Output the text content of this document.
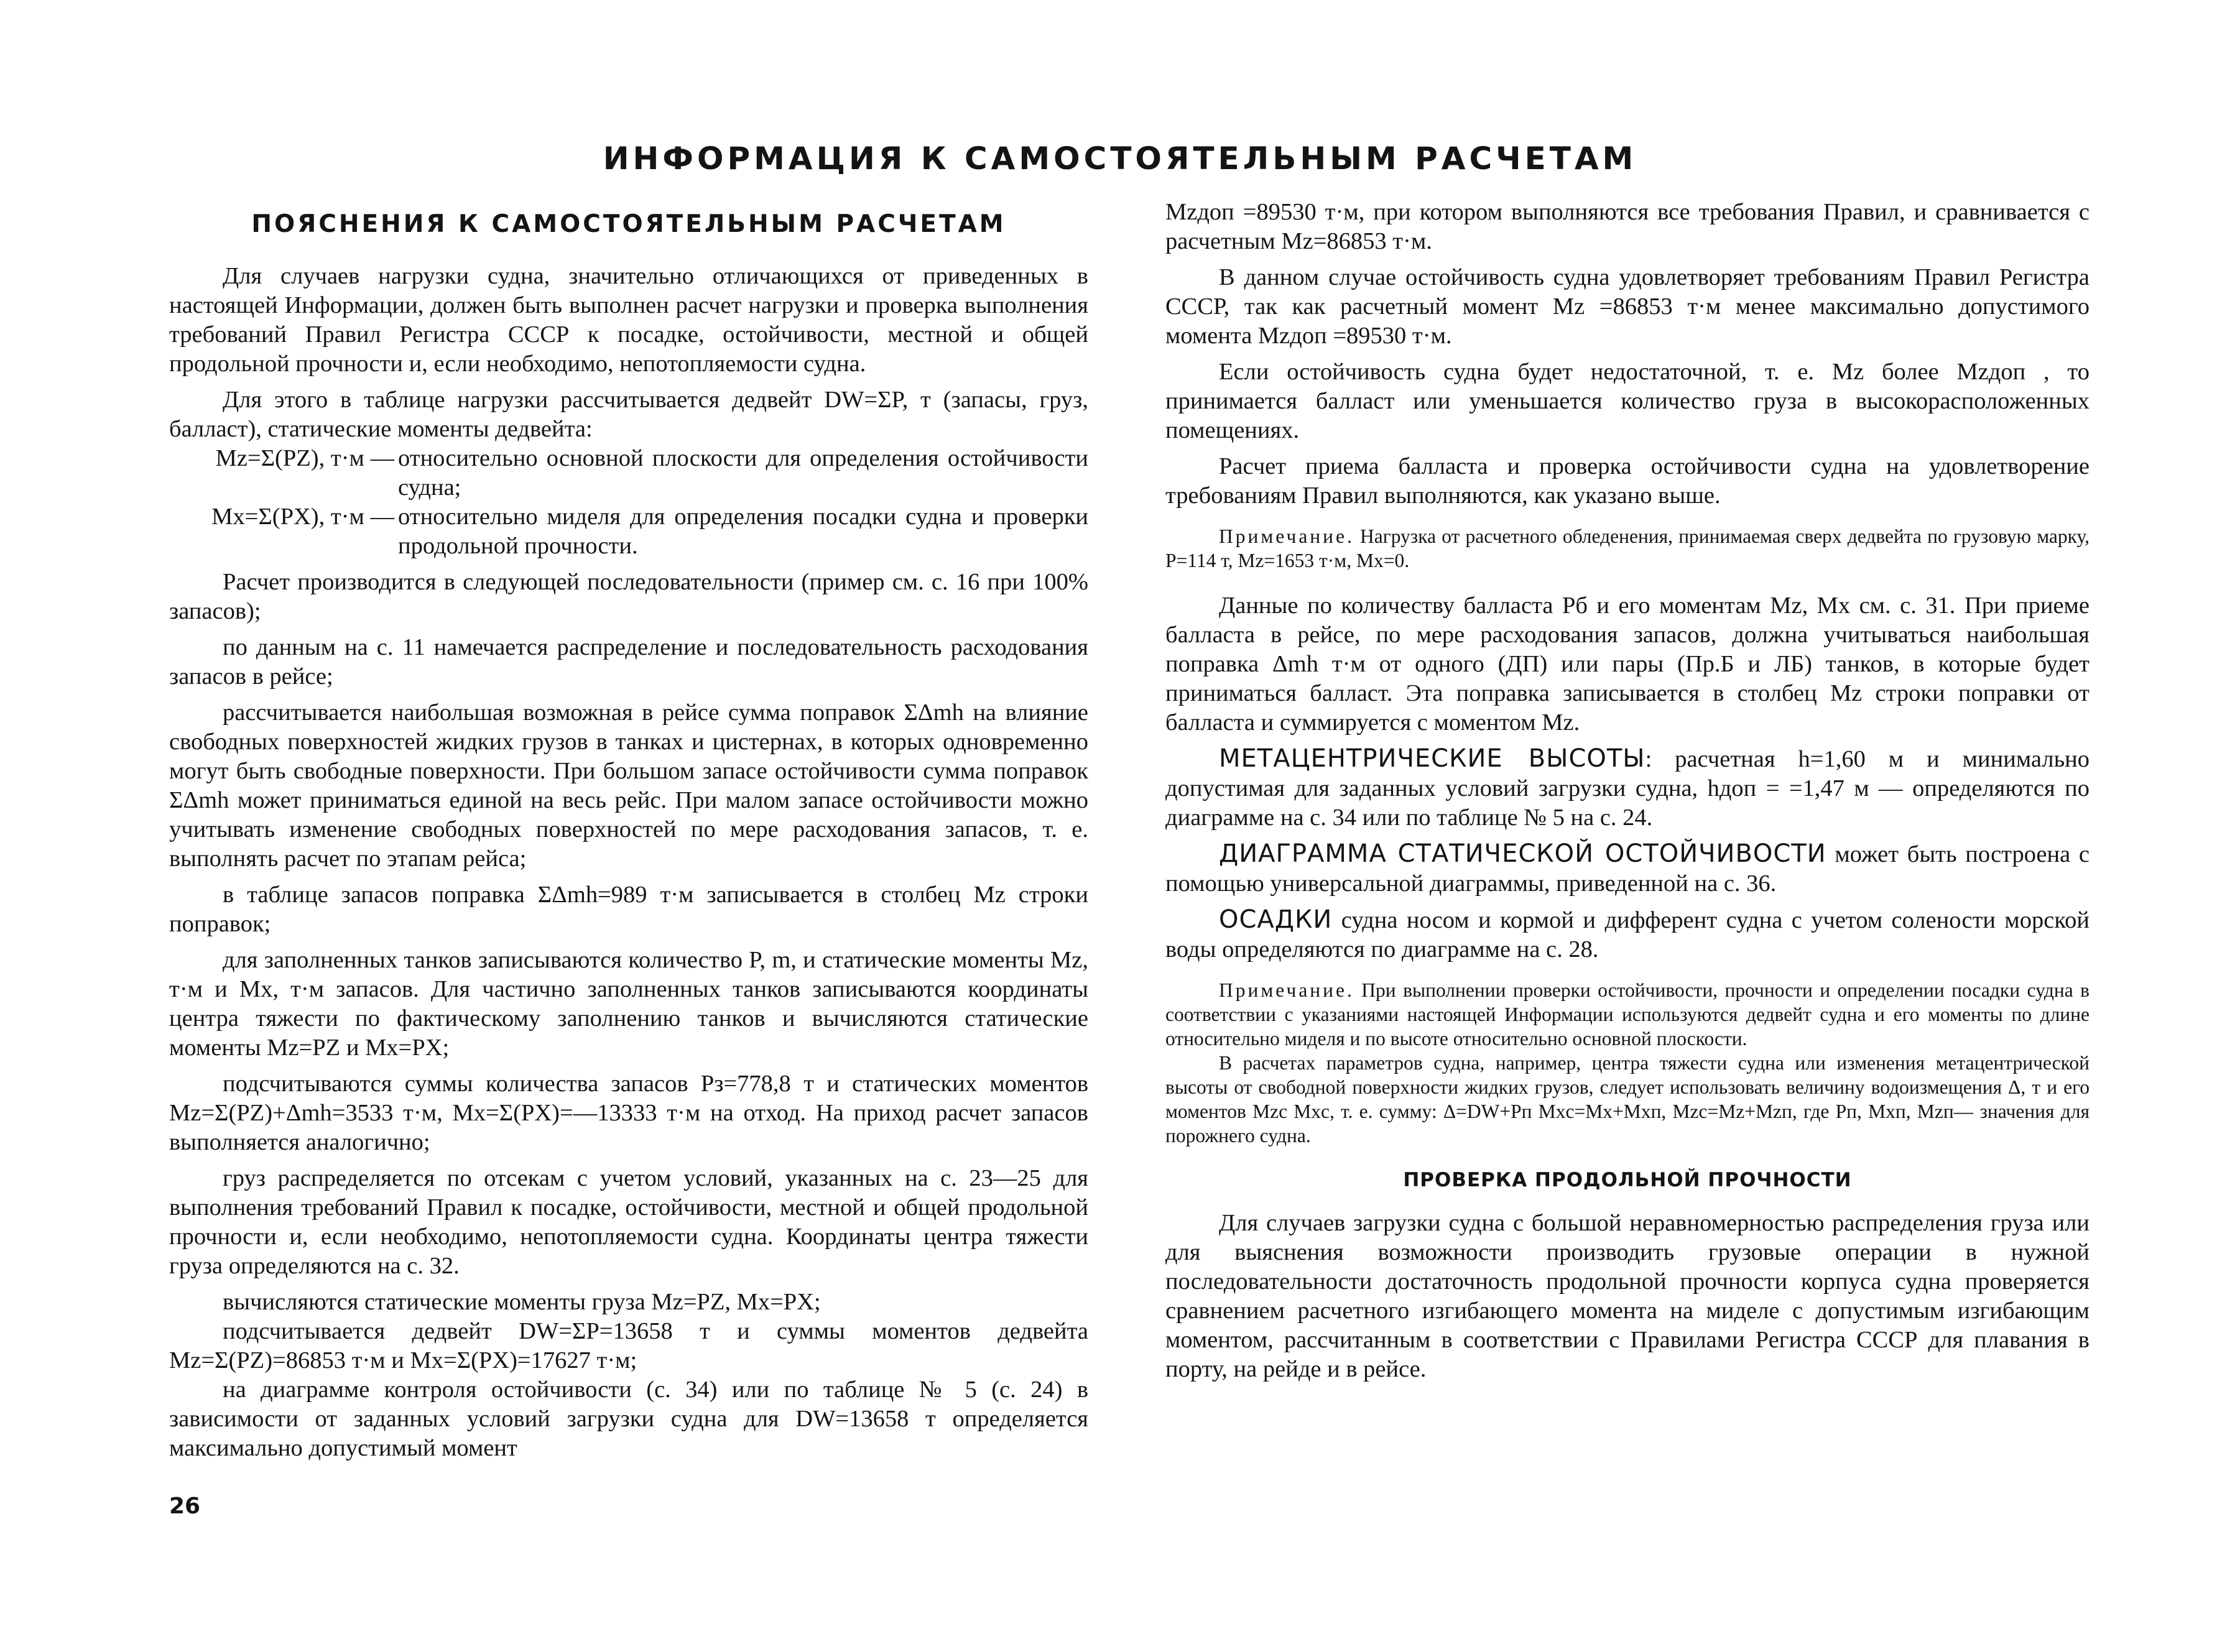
ИНФОРМАЦИЯ К САМОСТОЯТЕЛЬНЫМ РАСЧЕТАМ
ПОЯСНЕНИЯ К САМОСТОЯТЕЛЬНЫМ РАСЧЕТАМ

Для случаев нагрузки судна, значительно отличающихся от приведенных в настоящей Информации, должен быть выполнен расчет нагрузки и проверка выполнения требований Правил Регистра СССР к посадке, остойчивости, местной и общей продольной прочности и, если необходимо, непотопляемости судна.

Для этого в таблице нагрузки рассчитывается дедвейт DW=ΣP, т (запасы, груз, балласт), статические моменты дедвейта:

Mz=Σ(PZ), т·м — относительно основной плоскости для определения остойчивости судна;
Mx=Σ(PX), т·м — относительно миделя для определения посадки судна и проверки продольной прочности.

Расчет производится в следующей последовательности (пример см. с. 16 при 100% запасов);

по данным на с. 11 намечается распределение и последовательность расходования запасов в рейсе;

рассчитывается наибольшая возможная в рейсе сумма поправок ΣΔmh на влияние свободных поверхностей жидких грузов в танках и цистернах, в которых одновременно могут быть свободные поверхности. При большом запасе остойчивости сумма поправок ΣΔmh может приниматься единой на весь рейс. При малом запасе остойчивости можно учитывать изменение свободных поверхностей по мере расходования запасов, т. е. выполнять расчет по этапам рейса;

в таблице запасов поправка ΣΔmh=989 т·м записывается в столбец Mz строки поправок;

для заполненных танков записываются количество P, m, и статические моменты Mz, т·м и Mx, т·м запасов. Для частично заполненных танков записываются координаты центра тяжести по фактическому заполнению танков и вычисляются статические моменты Mz=PZ и Mx=PX;

подсчитываются суммы количества запасов Pз=778,8 т и статических моментов Mz=Σ(PZ)+Δmh=3533 т·м, Mx=Σ(PX)=—13333 т·м на отход. На приход расчет запасов выполняется аналогично;

груз распределяется по отсекам с учетом условий, указанных на с. 23—25 для выполнения требований Правил к посадке, остойчивости, местной и общей продольной прочности и, если необходимо, непотопляемости судна. Координаты центра тяжести груза определяются на с. 32.

вычисляются статические моменты груза Mz=PZ, Mx=PX;

подсчитывается дедвейт DW=ΣP=13658 т и суммы моментов дедвейта Mz=Σ(PZ)=86853 т·м и Mx=Σ(PX)=17627 т·м;

на диаграмме контроля остойчивости (с. 34) или по таблице № 5 (с. 24) в зависимости от заданных условий загрузки судна для DW=13658 т определяется максимально допустимый момент

Mzдоп =89530 т·м, при котором выполняются все требования Правил, и сравнивается с расчетным Mz=86853 т·м.

В данном случае остойчивость судна удовлетворяет требованиям Правил Регистра СССР, так как расчетный момент Mz =86853 т·м менее максимально допустимого момента Mzдоп =89530 т·м.

Если остойчивость судна будет недостаточной, т. е. Mz более Mzдоп , то принимается балласт или уменьшается количество груза в высокорасположенных помещениях.

Расчет приема балласта и проверка остойчивости судна на удовлетворение требованиям Правил выполняются, как указано выше.

Примечание. Нагрузка от расчетного обледенения, принимаемая сверх дедвейта по грузовую марку, P=114 т, Mz=1653 т·м, Mx=0.

Данные по количеству балласта Pб и его моментам Mz, Mx см. с. 31. При приеме балласта в рейсе, по мере расходования запасов, должна учитываться наибольшая поправка Δmh т·м от одного (ДП) или пары (Пр.Б и ЛБ) танков, в которые будет приниматься балласт. Эта поправка записывается в столбец Mz строки поправки от балласта и суммируется с моментом Mz.

МЕТАЦЕНТРИЧЕСКИЕ ВЫСОТЫ: расчетная h=1,60 м и минимально допустимая для заданных условий загрузки судна, hдоп = =1,47 м — определяются по диаграмме на с. 34 или по таблице № 5 на с. 24.

ДИАГРАММА СТАТИЧЕСКОЙ ОСТОЙЧИВОСТИ может быть построена с помощью универсальной диаграммы, приведенной на с. 36.

ОСАДКИ судна носом и кормой и дифферент судна с учетом солености морской воды определяются по диаграмме на с. 28.

Примечание. При выполнении проверки остойчивости, прочности и определении посадки судна в соответствии с указаниями настоящей Информации используются дедвейт судна и его моменты по длине относительно миделя и по высоте относительно основной плоскости.

В расчетах параметров судна, например, центра тяжести судна или изменения метацентрической высоты от свободной поверхности жидких грузов, следует использовать величину водоизмещения Δ, т и его моментов Mzc Mxc, т. е. сумму: Δ=DW+Pп Mxc=Mx+Mxп, Mzc=Mz+Mzп, где Pп, Mxп, Mzп— значения для порожнего судна.

ПРОВЕРКА ПРОДОЛЬНОЙ ПРОЧНОСТИ

Для случаев загрузки судна с большой неравномерностью распределения груза или для выяснения возможности производить грузовые операции в нужной последовательности достаточность продольной прочности корпуса судна проверяется сравнением расчетного изгибающего момента на миделе с допустимым изгибающим моментом, рассчитанным в соответствии с Правилами Регистра СССР для плавания в порту, на рейде и в рейсе.

26
